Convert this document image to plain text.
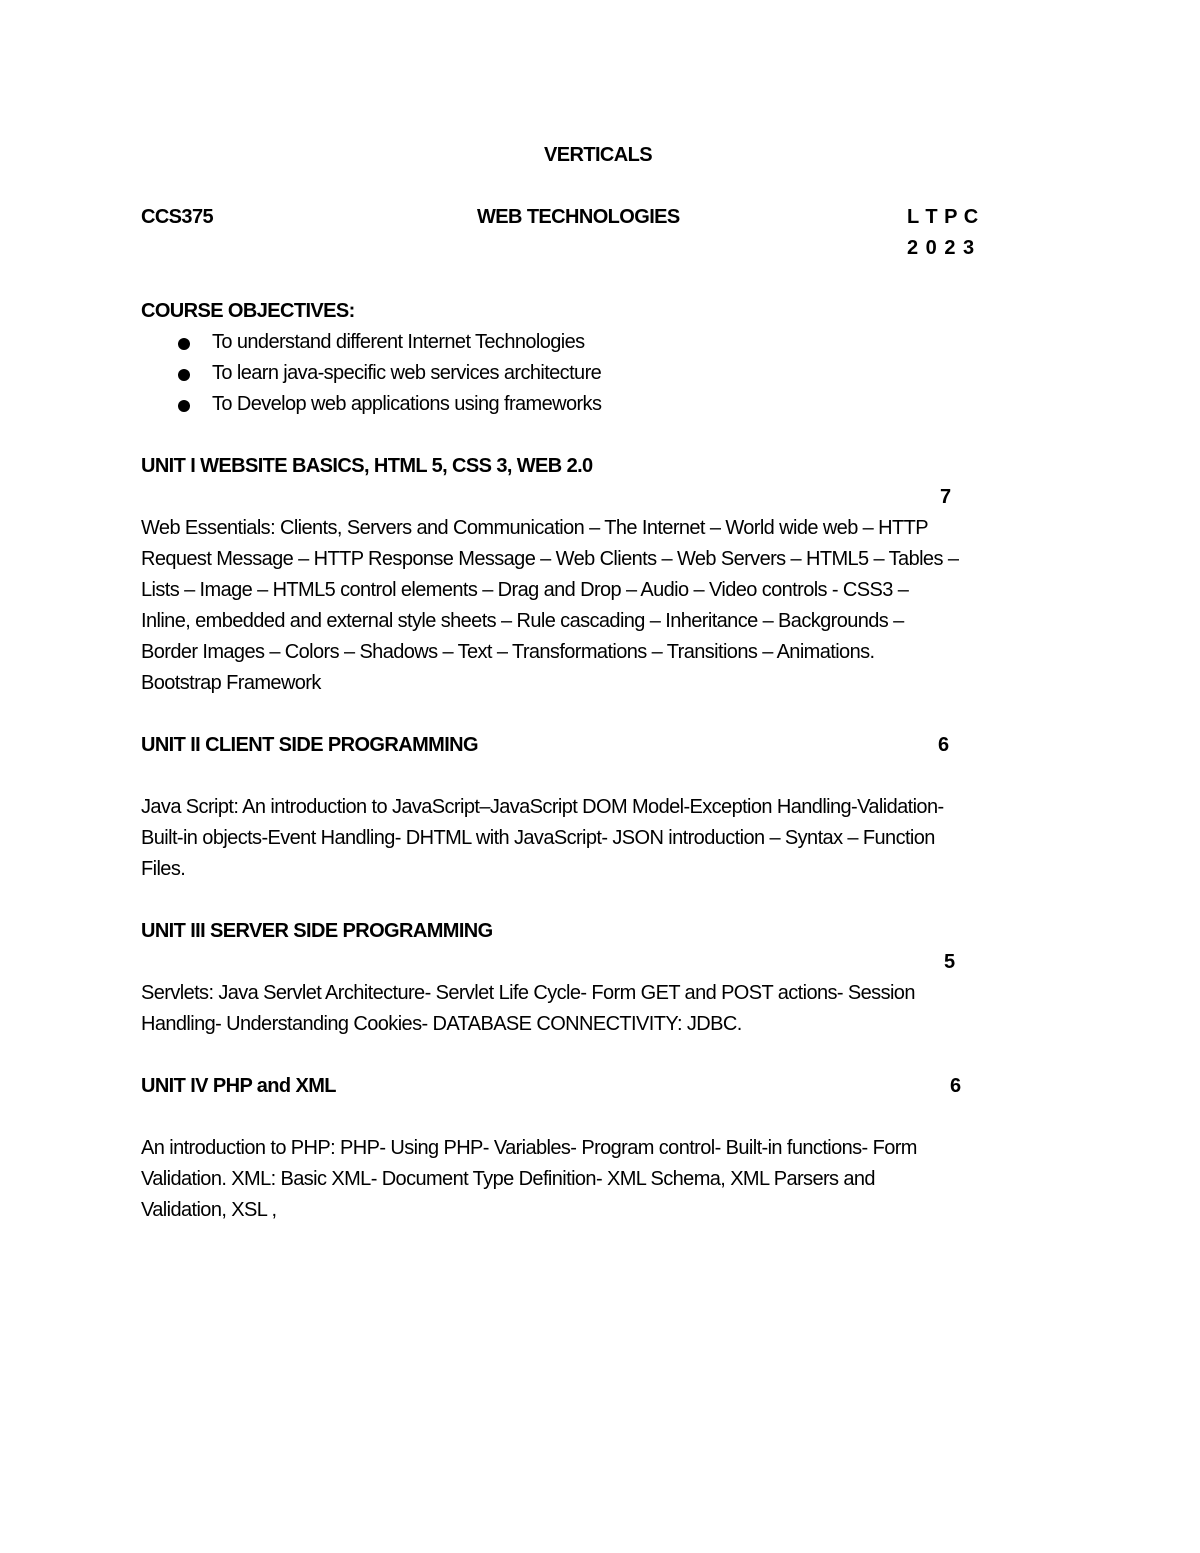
VERTICALS
CCS375	WEB TECHNOLOGIES	L T P C
2 0 2 3
COURSE OBJECTIVES:
To understand different Internet Technologies
To learn java-specific web services architecture
To Develop web applications using frameworks
UNIT I WEBSITE BASICS, HTML 5, CSS 3, WEB 2.0
7
Web Essentials: Clients, Servers and Communication – The Internet – World wide web – HTTP
Request Message – HTTP Response Message – Web Clients – Web Servers – HTML5 – Tables –
Lists – Image – HTML5 control elements – Drag and Drop – Audio – Video controls - CSS3 –
Inline, embedded and external style sheets – Rule cascading – Inheritance – Backgrounds –
Border Images – Colors – Shadows – Text – Transformations – Transitions – Animations.
Bootstrap Framework
UNIT II CLIENT SIDE PROGRAMMING	6
Java Script: An introduction to JavaScript–JavaScript DOM Model-Exception Handling-Validation-
Built-in objects-Event Handling- DHTML with JavaScript- JSON introduction – Syntax – Function
Files.
UNIT III SERVER SIDE PROGRAMMING
5
Servlets: Java Servlet Architecture- Servlet Life Cycle- Form GET and POST actions- Session
Handling- Understanding Cookies- DATABASE CONNECTIVITY: JDBC.
UNIT IV PHP and XML	6
An introduction to PHP: PHP- Using PHP- Variables- Program control- Built-in functions- Form
Validation. XML: Basic XML- Document Type Definition- XML Schema, XML Parsers and
Validation, XSL ,
